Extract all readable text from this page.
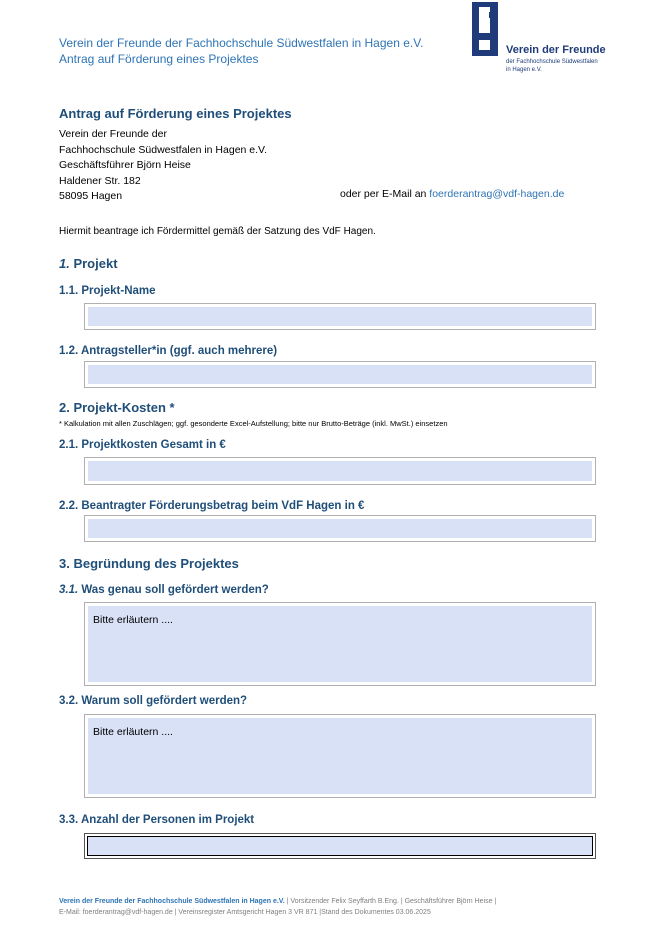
Verein der Freunde der Fachhochschule Südwestfalen in Hagen e.V.
Antrag auf Förderung eines Projektes
Verein der Freunde
der Fachhochschule Südwestfalen
in Hagen e.V.
Antrag auf Förderung eines Projektes
Verein der Freunde der
Fachhochschule Südwestfalen in Hagen e.V.
Geschäftsführer Björn Heise
Haldener Str. 182
58095 Hagen	oder per E-Mail an foerderantrag@vdf-hagen.de
Hiermit beantrage ich Fördermittel gemäß der Satzung des VdF Hagen.
1. Projekt
1.1. Projekt-Name
1.2. Antragsteller*in (ggf. auch mehrere)
2. Projekt-Kosten *
* Kalkulation mit allen Zuschlägen; ggf. gesonderte Excel-Aufstellung; bitte nur Brutto-Beträge (inkl. MwSt.) einsetzen
2.1. Projektkosten Gesamt in €
2.2. Beantragter Förderungsbetrag beim VdF Hagen in €
3. Begründung des Projektes
3.1. Was genau soll gefördert werden?
Bitte erläutern ....
3.2. Warum soll gefördert werden?
Bitte erläutern ....
3.3. Anzahl der Personen im Projekt
Verein der Freunde der Fachhochschule Südwestfalen in Hagen e.V. | Vorsitzender Felix Seyffarth B.Eng. | Geschäftsführer Björn Heise |
E-Mail: foerderantrag@vdf-hagen.de | Vereinsregister Amtsgericht Hagen 3 VR 871 |Stand des Dokumentes 03.06.2025
